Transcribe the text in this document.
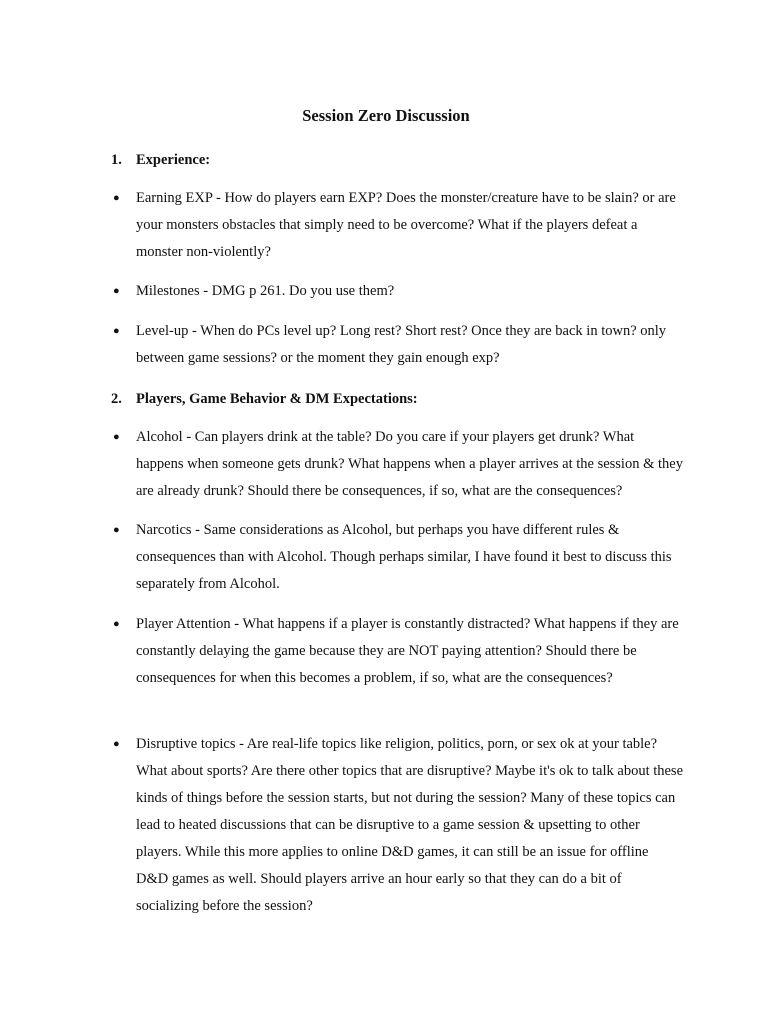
Session Zero Discussion
1. Experience:
● Earning EXP - How do players earn EXP? Does the monster/creature have to be slain? or are your monsters obstacles that simply need to be overcome? What if the players defeat a monster non-violently?
● Milestones - DMG p 261. Do you use them?
● Level-up - When do PCs level up? Long rest? Short rest? Once they are back in town? only between game sessions? or the moment they gain enough exp?
2. Players, Game Behavior & DM Expectations:
● Alcohol - Can players drink at the table? Do you care if your players get drunk? What happens when someone gets drunk? What happens when a player arrives at the session & they are already drunk? Should there be consequences, if so, what are the consequences?
● Narcotics - Same considerations as Alcohol, but perhaps you have different rules & consequences than with Alcohol. Though perhaps similar, I have found it best to discuss this separately from Alcohol.
● Player Attention - What happens if a player is constantly distracted? What happens if they are constantly delaying the game because they are NOT paying attention? Should there be consequences for when this becomes a problem, if so, what are the consequences?
● Disruptive topics - Are real-life topics like religion, politics, porn, or sex ok at your table? What about sports? Are there other topics that are disruptive? Maybe it's ok to talk about these kinds of things before the session starts, but not during the session? Many of these topics can lead to heated discussions that can be disruptive to a game session & upsetting to other players. While this more applies to online D&D games, it can still be an issue for offline D&D games as well. Should players arrive an hour early so that they can do a bit of socializing before the session?
